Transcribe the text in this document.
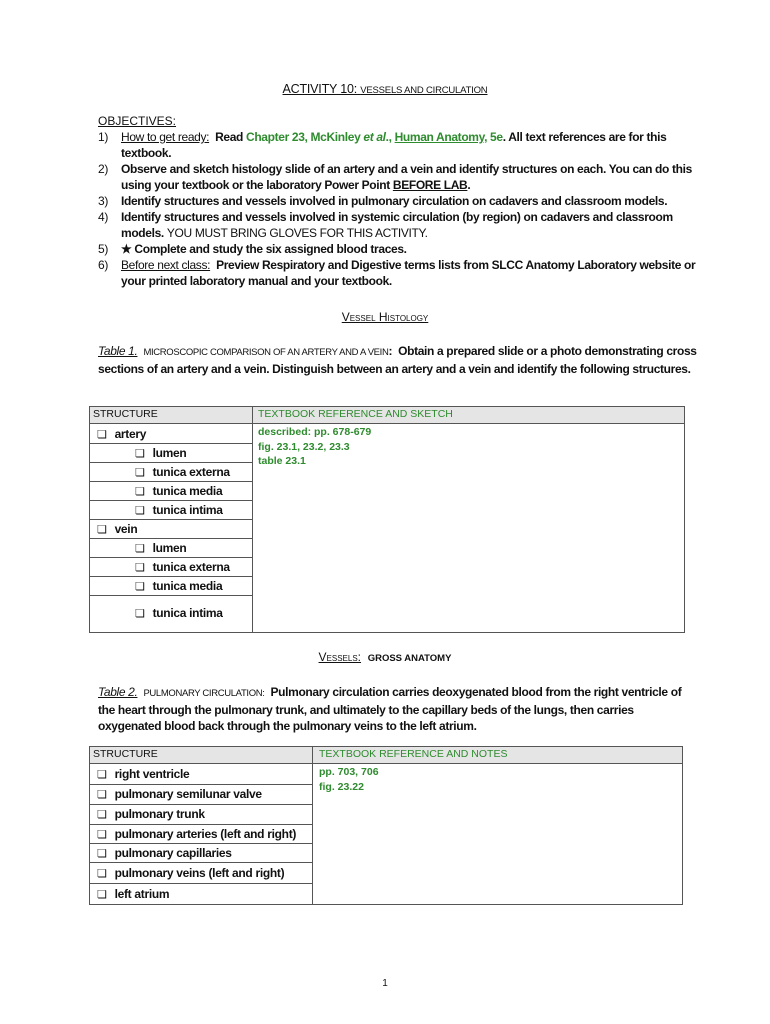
ACTIVITY 10: VESSELS AND CIRCULATION
OBJECTIVES:
1) How to get ready: Read Chapter 23, McKinley et al., Human Anatomy, 5e. All text references are for this textbook.
2) Observe and sketch histology slide of an artery and a vein and identify structures on each. You can do this using your textbook or the laboratory Power Point BEFORE LAB.
3) Identify structures and vessels involved in pulmonary circulation on cadavers and classroom models.
4) Identify structures and vessels involved in systemic circulation (by region) on cadavers and classroom models. YOU MUST BRING GLOVES FOR THIS ACTIVITY.
5) ★ Complete and study the six assigned blood traces.
6) Before next class: Preview Respiratory and Digestive terms lists from SLCC Anatomy Laboratory website or your printed laboratory manual and your textbook.
Vessel Histology
Table 1. MICROSCOPIC COMPARISON OF AN ARTERY AND A VEIN: Obtain a prepared slide or a photo demonstrating cross sections of an artery and a vein. Distinguish between an artery and a vein and identify the following structures.
STRUCTURE	TEXTBOOK REFERENCE AND SKETCH
❏ artery
❏ lumen
❏ tunica externa
❏ tunica media
❏ tunica intima
❏ vein
❏ lumen
❏ tunica externa
❏ tunica media
❏ tunica intima
described: pp. 678-679
fig. 23.1, 23.2, 23.3
table 23.1
Vessels: GROSS ANATOMY
Table 2. PULMONARY CIRCULATION: Pulmonary circulation carries deoxygenated blood from the right ventricle of the heart through the pulmonary trunk, and ultimately to the capillary beds of the lungs, then carries oxygenated blood back through the pulmonary veins to the left atrium.
STRUCTURE	TEXTBOOK REFERENCE AND NOTES
❏ right ventricle
❏ pulmonary semilunar valve
❏ pulmonary trunk
❏ pulmonary arteries (left and right)
❏ pulmonary capillaries
❏ pulmonary veins (left and right)
❏ left atrium
pp. 703, 706
fig. 23.22
1
